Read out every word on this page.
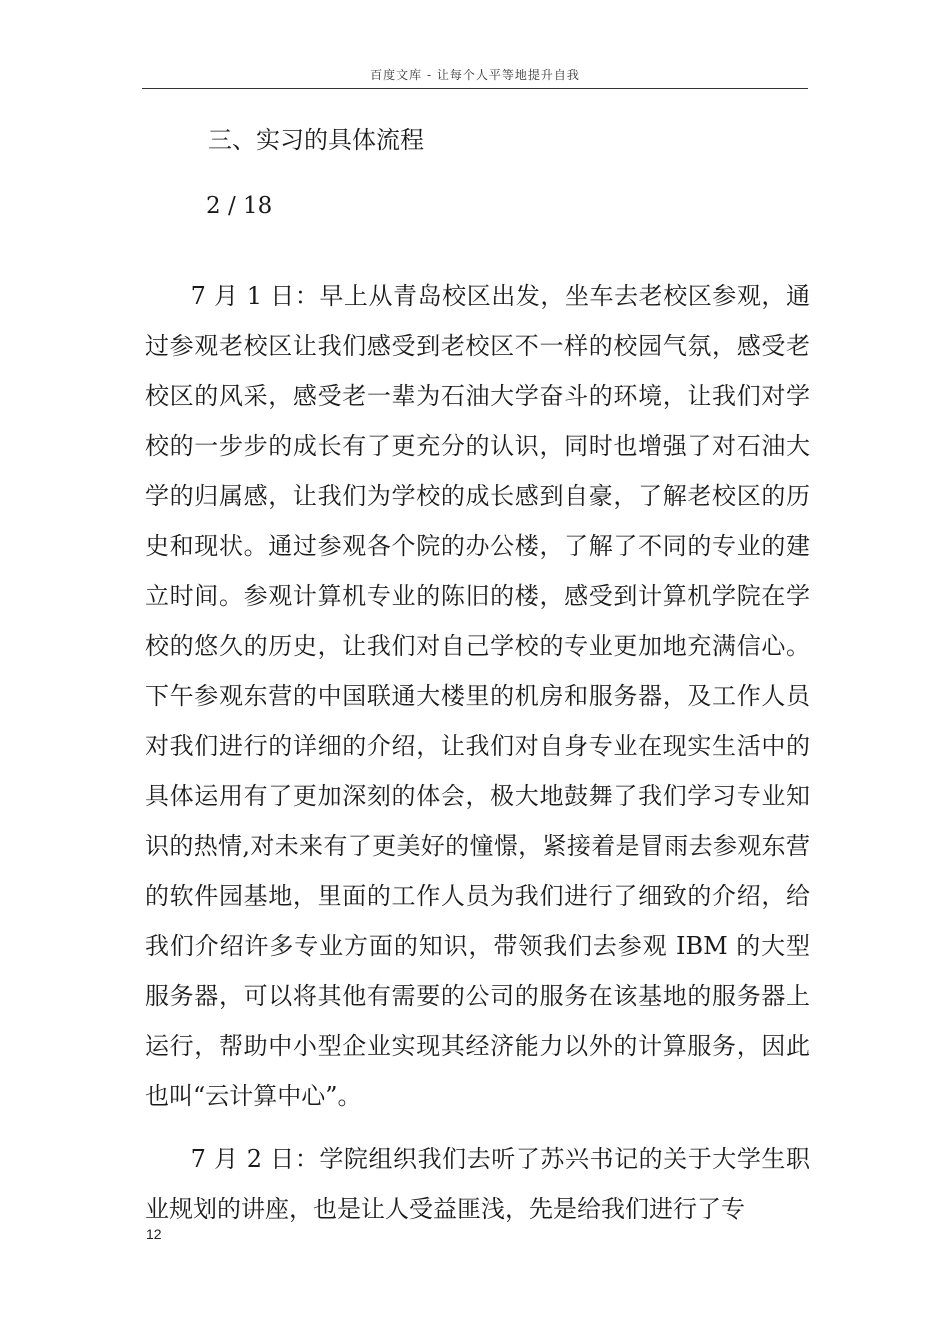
百度文库 - 让每个人平等地提升自我
三、实习的具体流程
2 / 18

7 月 1 日：早上从青岛校区出发，坐车去老校区参观，通过参观老校区让我们感受到老校区不一样的校园气氛，感受老校区的风采，感受老一辈为石油大学奋斗的环境，让我们对学校的一步步的成长有了更充分的认识，同时也增强了对石油大学的归属感，让我们为学校的成长感到自豪，了解老校区的历史和现状。通过参观各个院的办公楼，了解了不同的专业的建立时间。参观计算机专业的陈旧的楼，感受到计算机学院在学校的悠久的历史，让我们对自己学校的专业更加地充满信心。下午参观东营的中国联通大楼里的机房和服务器，及工作人员对我们进行的详细的介绍，让我们对自身专业在现实生活中的具体运用有了更加深刻的体会，极大地鼓舞了我们学习专业知识的热情,对未来有了更美好的憧憬，紧接着是冒雨去参观东营的软件园基地，里面的工作人员为我们进行了细致的介绍，给我们介绍许多专业方面的知识，带领我们去参观 IBM 的大型服务器，可以将其他有需要的公司的服务在该基地的服务器上运行，帮助中小型企业实现其经济能力以外的计算服务，因此也叫“云计算中心”。

7 月 2 日：学院组织我们去听了苏兴书记的关于大学生职业规划的讲座，也是让人受益匪浅，先是给我们进行了专

12
